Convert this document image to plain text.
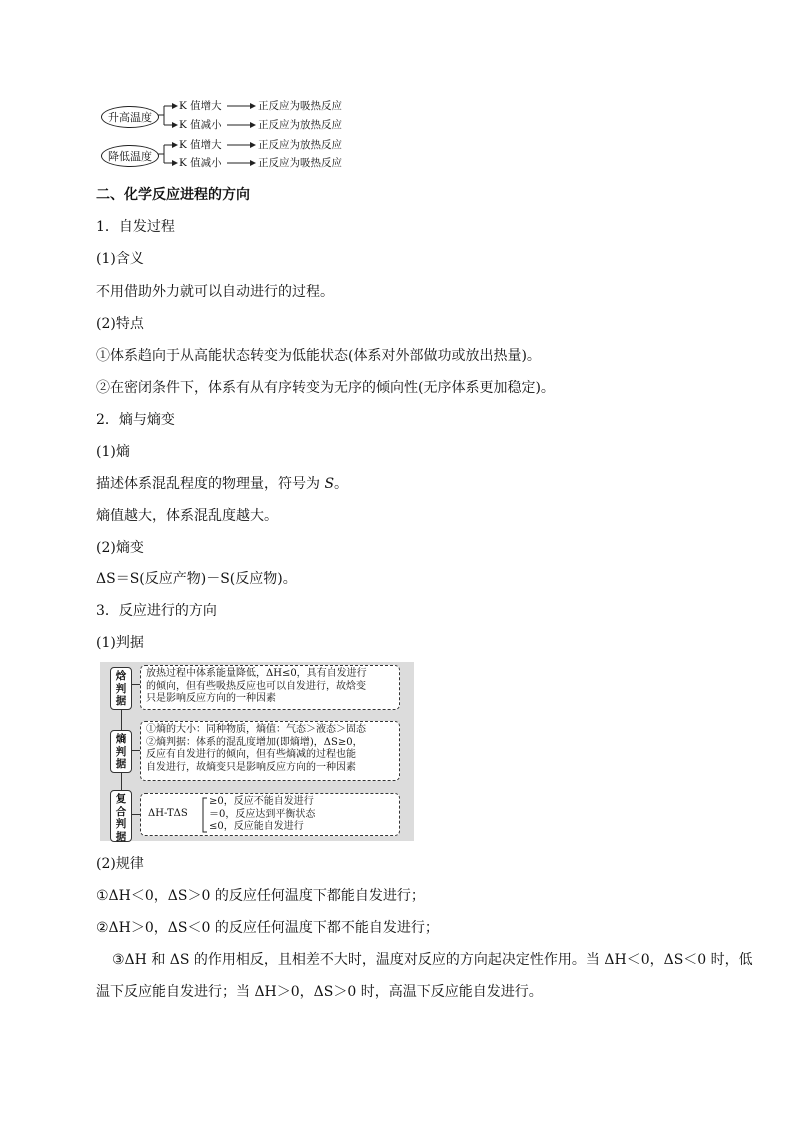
升高温度
降低温度
K 值增大	正反应为吸热反应
K 值减小	正反应为放热反应
K 值增大	正反应为放热反应
K 值减小	正反应为吸热反应
二、化学反应进程的方向
1．自发过程
(1)含义
不用借助外力就可以自动进行的过程。
(2)特点
①体系趋向于从高能状态转变为低能状态(体系对外部做功或放出热量)。
②在密闭条件下，体系有从有序转变为无序的倾向性(无序体系更加稳定)。
2．熵与熵变
(1)熵
描述体系混乱程度的物理量，符号为 S。
熵值越大，体系混乱度越大。
(2)熵变
ΔS＝S(反应产物)－S(反应物)。
3．反应进行的方向
(1)判据
焓判据
放热过程中体系能量降低，ΔH≤0，具有自发进行
的倾向，但有些吸热反应也可以自发进行，故焓变
只是影响反应方向的一种因素
熵判据
①熵的大小：同种物质，熵值：气态＞液态＞固态
②熵判据：体系的混乱度增加(即熵增)，ΔS≥0，
反应有自发进行的倾向，但有些熵减的过程也能
自发进行，故熵变只是影响反应方向的一种因素
复合判据
ΔH-TΔS
≥0，反应不能自发进行
＝0，反应达到平衡状态
≤0，反应能自发进行
(2)规律
①ΔH＜0，ΔS＞0 的反应任何温度下都能自发进行；
②ΔH＞0，ΔS＜0 的反应任何温度下都不能自发进行；
③ΔH 和 ΔS 的作用相反，且相差不大时，温度对反应的方向起决定性作用。当 ΔH＜0，ΔS＜0 时，低
温下反应能自发进行；当 ΔH＞0，ΔS＞0 时，高温下反应能自发进行。
